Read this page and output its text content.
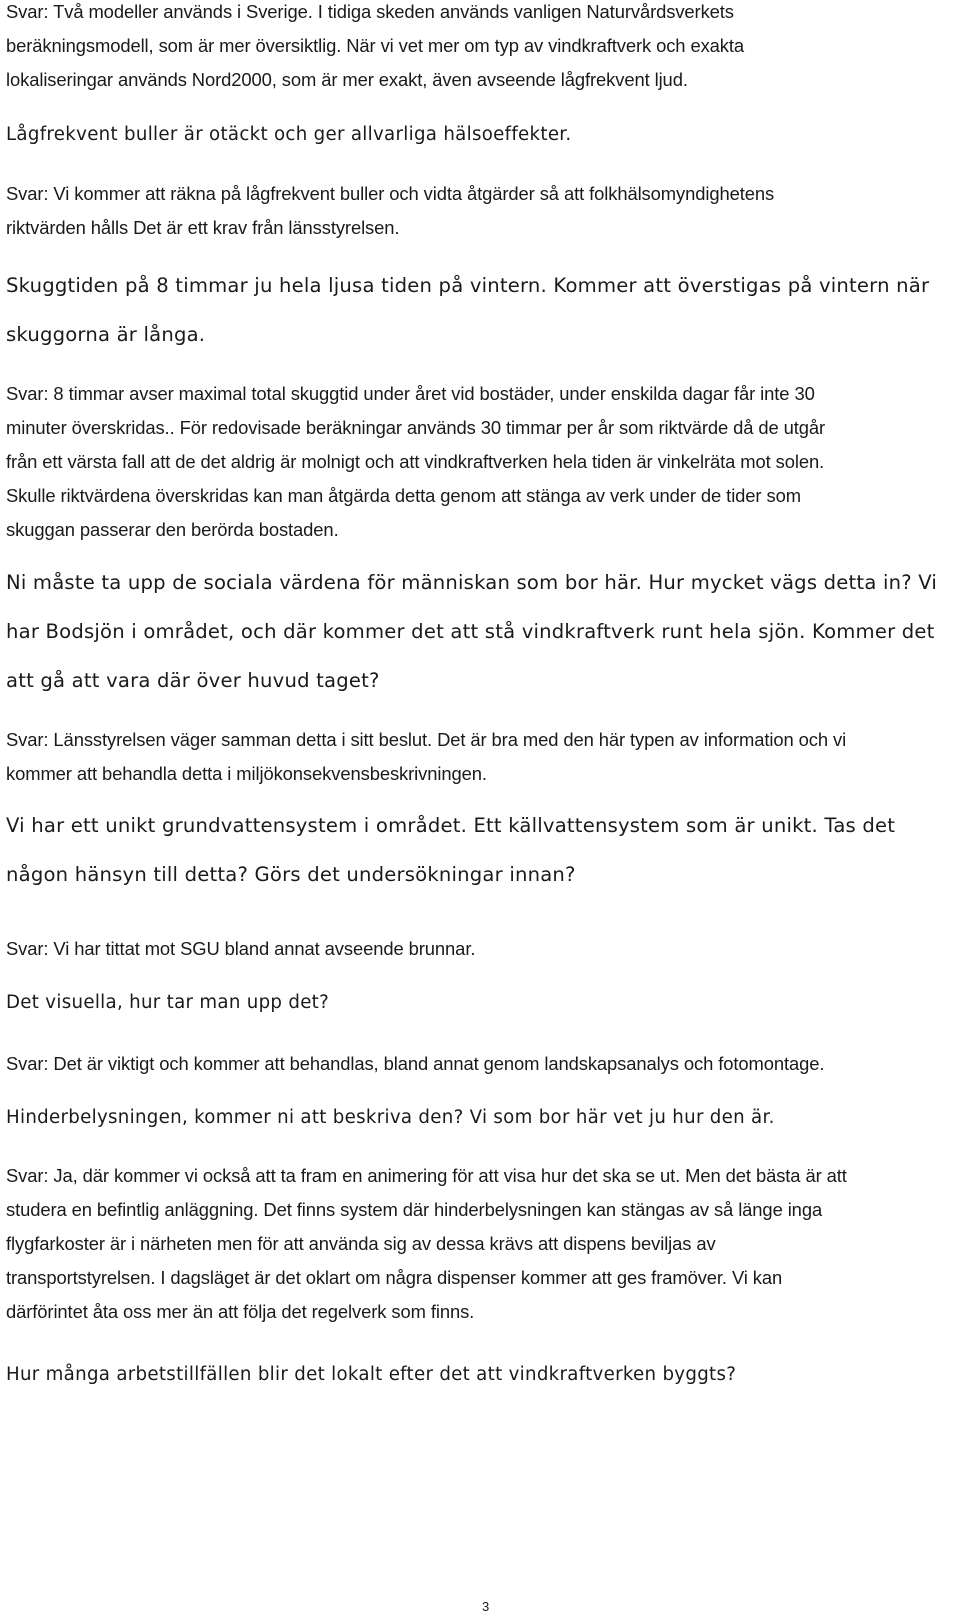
Svar: Två modeller används i Sverige. I tidiga skeden används vanligen Naturvårdsverkets
beräkningsmodell, som är mer översiktlig. När vi vet mer om typ av vindkraftverk och exakta
lokaliseringar används Nord2000, som är mer exakt, även avseende lågfrekvent ljud.
Lågfrekvent buller är otäckt och ger allvarliga hälsoeffekter.
Svar: Vi kommer att räkna på lågfrekvent buller och vidta åtgärder så att folkhälsomyndighetens
riktvärden hålls Det är ett krav från länsstyrelsen.
Skuggtiden på 8 timmar ju hela ljusa tiden på vintern. Kommer att överstigas på vintern när
skuggorna är långa.
Svar: 8 timmar avser maximal total skuggtid under året vid bostäder, under enskilda dagar får inte 30
minuter överskridas.. För redovisade beräkningar används 30 timmar per år som riktvärde då de utgår
från ett värsta fall att de det aldrig är molnigt och att vindkraftverken hela tiden är vinkelräta mot solen.
Skulle riktvärdena överskridas kan man åtgärda detta genom att stänga av verk under de tider som
skuggan passerar den berörda bostaden.
Ni måste ta upp de sociala värdena för människan som bor här. Hur mycket vägs detta in? Vi
har Bodsjön i området, och där kommer det att stå vindkraftverk runt hela sjön. Kommer det
att gå att vara där över huvud taget?
Svar: Länsstyrelsen väger samman detta i sitt beslut. Det är bra med den här typen av information och vi
kommer att behandla detta i miljökonsekvensbeskrivningen.
Vi har ett unikt grundvattensystem i området. Ett källvattensystem som är unikt. Tas det
någon hänsyn till detta? Görs det undersökningar innan?
Svar: Vi har tittat mot SGU bland annat avseende brunnar.
Det visuella, hur tar man upp det?
Svar: Det är viktigt och kommer att behandlas, bland annat genom landskapsanalys och fotomontage.
Hinderbelysningen, kommer ni att beskriva den? Vi som bor här vet ju hur den är.
Svar: Ja, där kommer vi också att ta fram en animering för att visa hur det ska se ut. Men det bästa är att
studera en befintlig anläggning. Det finns system där hinderbelysningen kan stängas av så länge inga
flygfarkoster är i närheten men för att använda sig av dessa krävs att dispens beviljas av
transportstyrelsen. I dagsläget är det oklart om några dispenser kommer att ges framöver. Vi kan
därförintet åta oss mer än att följa det regelverk som finns.
Hur många arbetstillfällen blir det lokalt efter det att vindkraftverken byggts?
3
